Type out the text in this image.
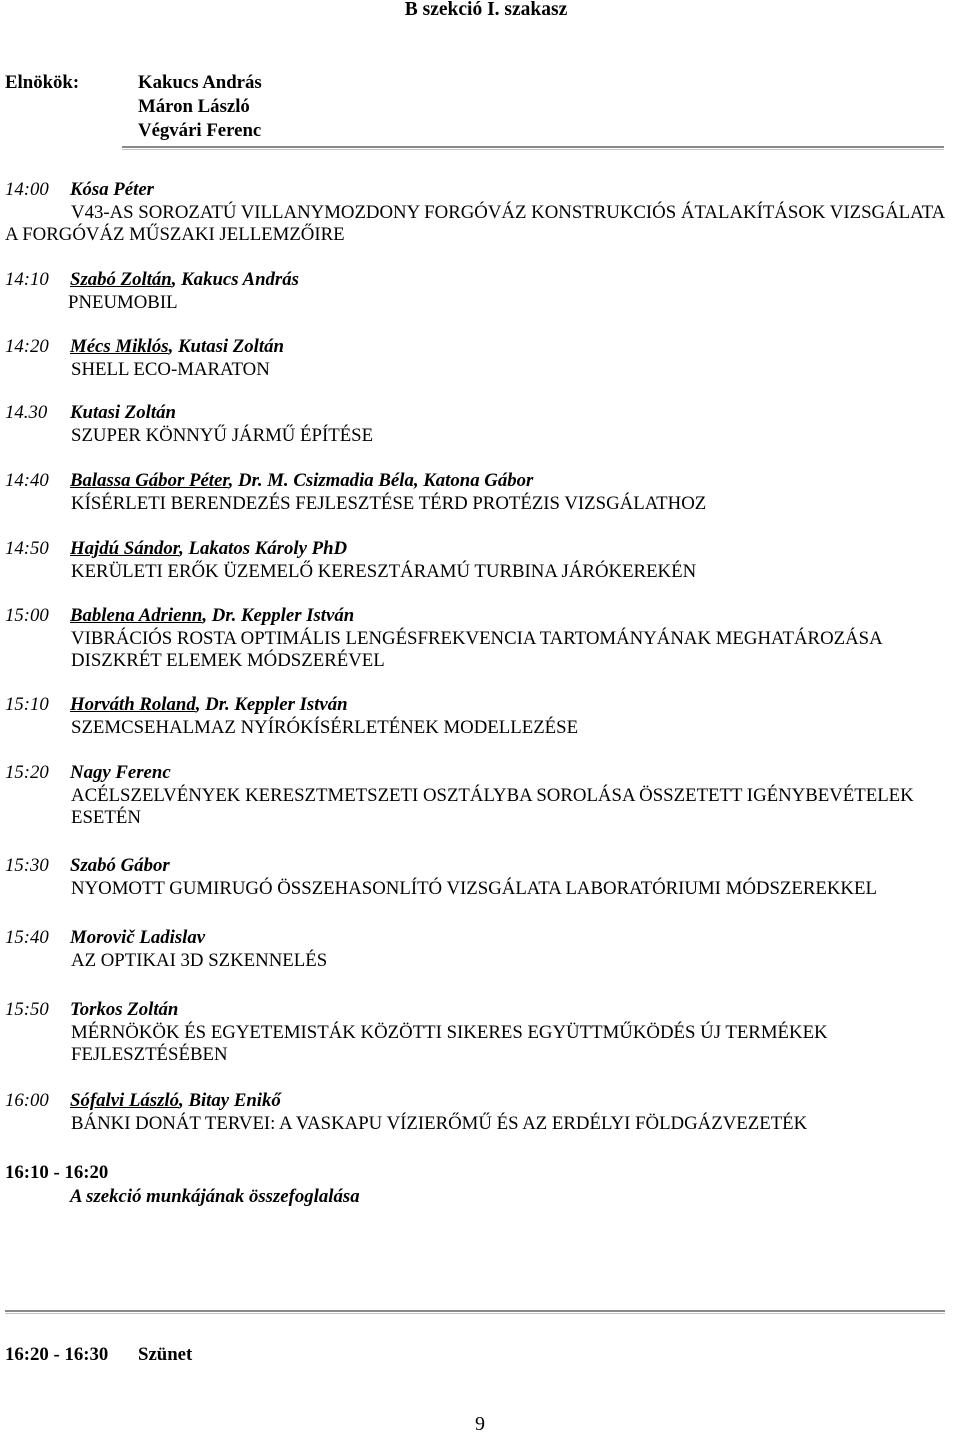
B szekció I. szakasz
Elnökök:	Kakucs András
Máron László
Végvári Ferenc
14:00 Kósa Péter
V43-AS SOROZATÚ VILLANYMOZDONY FORGÓVÁZ KONSTRUKCIÓS ÁTALAKÍTÁSOK VIZSGÁLATA
A FORGÓVÁZ MŰSZAKI JELLEMZŐIRE
14:10 Szabó Zoltán, Kakucs András
PNEUMOBIL
14:20 Mécs Miklós, Kutasi Zoltán
SHELL ECO-MARATON
14.30 Kutasi Zoltán
SZUPER KÖNNYŰ JÁRMŰ ÉPÍTÉSE
14:40 Balassa Gábor Péter, Dr. M. Csizmadia Béla, Katona Gábor
KÍSÉRLETI BERENDEZÉS FEJLESZTÉSE TÉRD PROTÉZIS VIZSGÁLATHOZ
14:50 Hajdú Sándor, Lakatos Károly PhD
KERÜLETI ERŐK ÜZEMELŐ KERESZTÁRAMÚ TURBINA JÁRÓKEREKÉN
15:00 Bablena Adrienn, Dr. Keppler István
VIBRÁCIÓS ROSTA OPTIMÁLIS LENGÉSFREKVENCIA TARTOMÁNYÁNAK MEGHATÁROZÁSA
DISZKRÉT ELEMEK MÓDSZERÉVEL
15:10 Horváth Roland, Dr. Keppler István
SZEMCSEHALMAZ NYÍRÓKÍSÉRLETÉNEK MODELLEZÉSE
15:20 Nagy Ferenc
ACÉLSZELVÉNYEK KERESZTMETSZETI OSZTÁLYBA SOROLÁSA ÖSSZETETT IGÉNYBEVÉTELEK
ESETÉN
15:30 Szabó Gábor
NYOMOTT GUMIRUGÓ ÖSSZEHASONLÍTÓ VIZSGÁLATA LABORATÓRIUMI MÓDSZEREKKEL
15:40 Morovič Ladislav
AZ OPTIKAI 3D SZKENNELÉS
15:50 Torkos Zoltán
MÉRNÖKÖK ÉS EGYETEMISTÁK KÖZÖTTI SIKERES EGYÜTTMŰKÖDÉS ÚJ TERMÉKEK
FEJLESZTÉSÉBEN
16:00 Sófalvi László, Bitay Enikő
BÁNKI DONÁT TERVEI: A VASKAPU VÍZIERŐMŰ ÉS AZ ERDÉLYI FÖLDGÁZVEZETÉK
16:10 - 16:20
A szekció munkájának összefoglalása
16:20 - 16:30 Szünet
9
